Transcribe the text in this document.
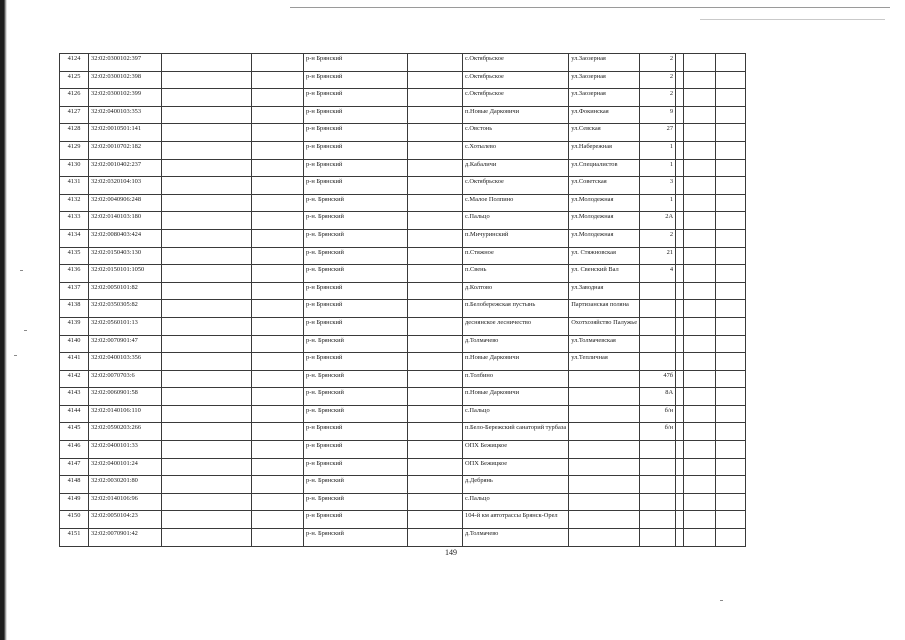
4124	32:02:0300102:397			р-н Брянский		с.Октябрьское	ул.Заозерная	2			
4125	32:02:0300102:398			р-н Брянский		с.Октябрьское	ул.Заозерная	2			
4126	32:02:0300102:399			р-н Брянский		с.Октябрьское	ул.Заозерная	2			
4127	32:02:0400103:353			р-н Брянский		п.Новые Дарковичи	ул.Фокинская	9			
4128	32:02:0010501:141			р-н Брянский		с.Овстонь	ул.Севская	27			
4129	32:02:0010702:182			р-н Брянский		с.Хотылево	ул.Набережная	1			
4130	32:02:0010402:237			р-н Брянский		д.Кабаличи	ул.Специалистов	1			
4131	32:02:0320104:103			р-н Брянский		с.Октябрьское	ул.Советская	3			
4132	32:02:0040906:248			р-н. Брянский		с.Малое Полпино	ул.Молодежная	1			
4133	32:02:0140103:180			р-н. Брянский		с.Пальцо	ул.Молодежная	2А			
4134	32:02:0080403:424			р-н. Брянский		п.Мичуринский	ул.Молодежная	2			
4135	32:02:0150403:130			р-н. Брянский		п.Стяжное	ул. Стяжновская	21			
4136	32:02:0150101:1050			р-н. Брянский		п.Свень	ул. Свенский Вал	4			
4137	32:02:0050101:82			р-н Брянский		д.Колтово	ул.Заводная				
4138	32:02:0350305:82			р-н Брянский		п.Белобережская пустынь	Партизанская поляна				
4139	32:02:0560101:13			р-н Брянский		деснянское лесничество	Охотхозяйство Палужье				
4140	32:02:0070901:47			р-н. Брянский		д.Толмачево	ул.Толмачевская				
4141	32:02:0400103:356			р-н Брянский		п.Новые Дарковичи	ул.Тепличная				
4142	32:02:0070703:6			р-н. Брянский		п.Толбино		47б			
4143	32:02:0060901:58			р-н. Брянский		п.Новые Дарковичи		8А			
4144	32:02:0140106:110			р-н. Брянский		с.Пальцо		б/н			
4145	32:02:0590203:266			р-н Брянский		п.Бело-Бережский санаторий турбаза		б/н			
4146	32:02:0400101:33			р-н Брянский		ОПХ Бежицкое					
4147	32:02:0400101:24			р-н Брянский		ОПХ Бежицкое					
4148	32:02:0030201:80			р-н. Брянский		д.Дебрянь					
4149	32:02:0140106:96			р-н. Брянский		с.Пальцо					
4150	32:02:0050104:23			р-н Брянский		104-й км автотрассы Брянск-Орел					
4151	32:02:0070901:42			р-н. Брянский		д.Толмачево					
149
